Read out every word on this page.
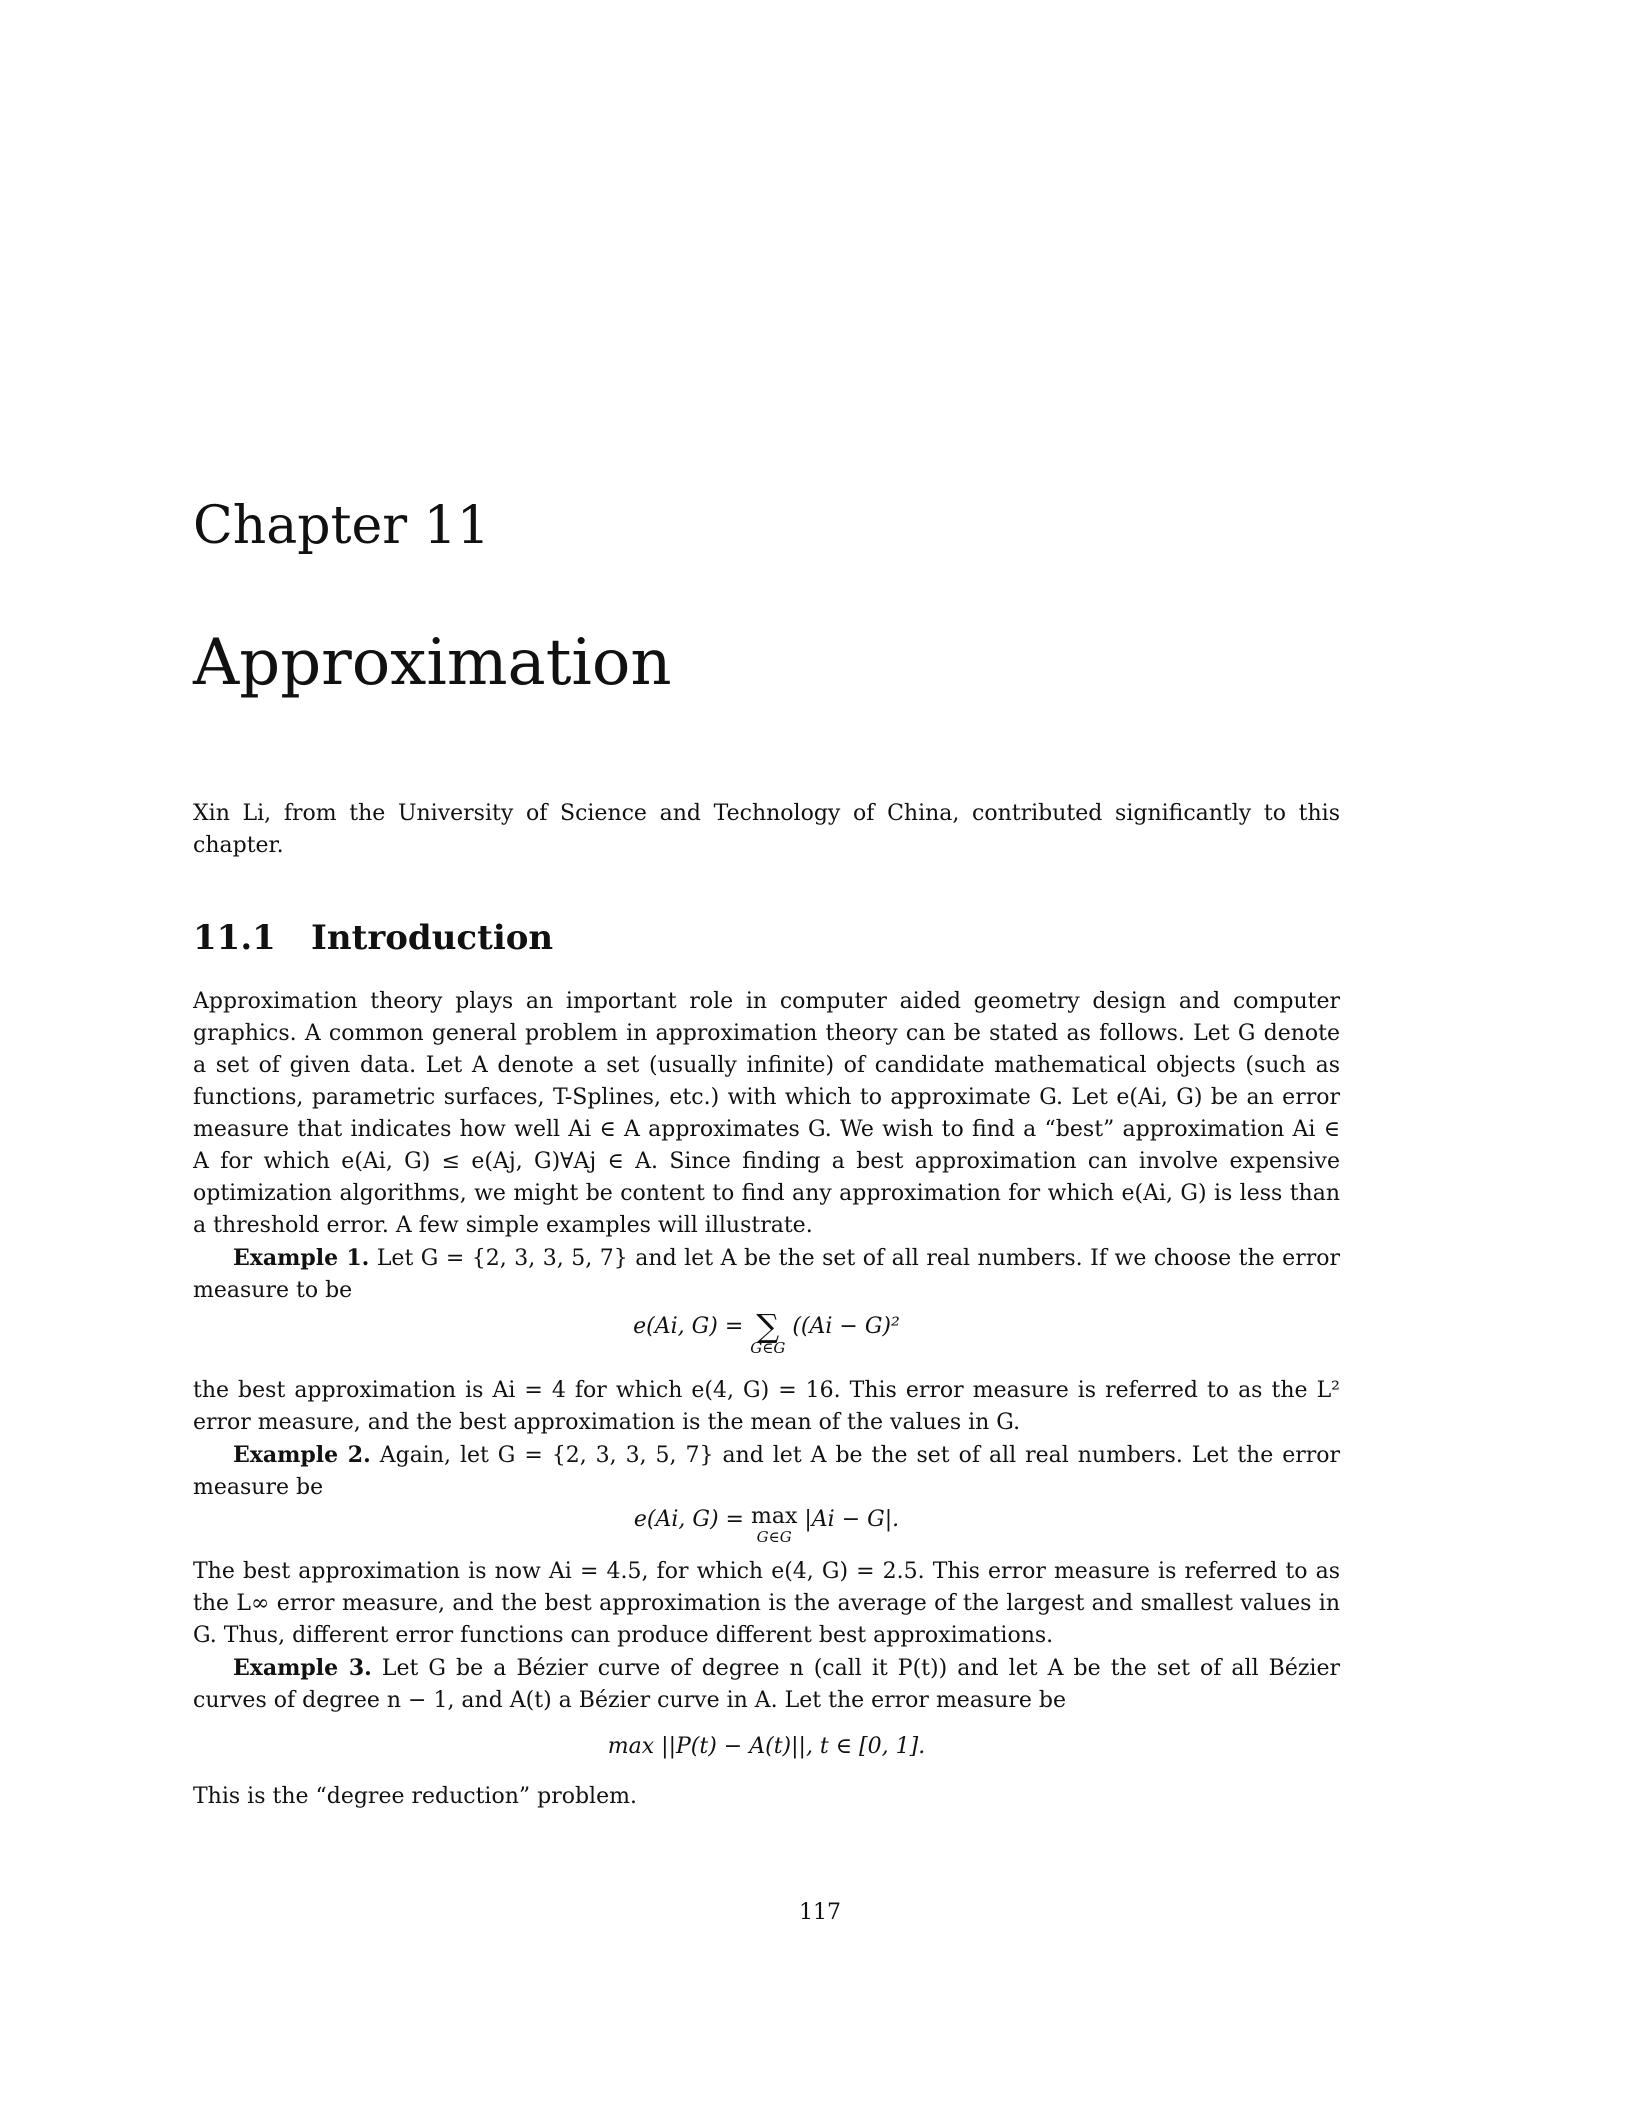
Chapter 11
Approximation

Xin Li, from the University of Science and Technology of China, contributed significantly to this chapter.

11.1 Introduction

Approximation theory plays an important role in computer aided geometry design and computer graphics. A common general problem in approximation theory can be stated as follows. Let G denote a set of given data. Let A denote a set (usually infinite) of candidate mathematical objects (such as functions, parametric surfaces, T-Splines, etc.) with which to approximate G. Let e(Ai, G) be an error measure that indicates how well Ai ∈ A approximates G. We wish to find a “best” approximation Ai ∈ A for which e(Ai, G) ≤ e(Aj, G)∀Aj ∈ A. Since finding a best approximation can involve expensive optimization algorithms, we might be content to find any approximation for which e(Ai, G) is less than a threshold error. A few simple examples will illustrate.

Example 1. Let G = {2, 3, 3, 5, 7} and let A be the set of all real numbers. If we choose the error measure to be

e(Ai, G) = ∑
G∈G
((Ai − G)²

the best approximation is Ai = 4 for which e(4, G) = 16. This error measure is referred to as the L² error measure, and the best approximation is the mean of the values in G.

Example 2. Again, let G = {2, 3, 3, 5, 7} and let A be the set of all real numbers. Let the error measure be

e(Ai, G) = max
G∈G
|Ai − G|.

The best approximation is now Ai = 4.5, for which e(4, G) = 2.5. This error measure is referred to as the L∞ error measure, and the best approximation is the average of the largest and smallest values in G. Thus, different error functions can produce different best approximations.

Example 3. Let G be a Bézier curve of degree n (call it P(t)) and let A be the set of all Bézier curves of degree n − 1, and A(t) a Bézier curve in A. Let the error measure be

max ||P(t) − A(t)||, t ∈ [0, 1].

This is the “degree reduction” problem.

117
